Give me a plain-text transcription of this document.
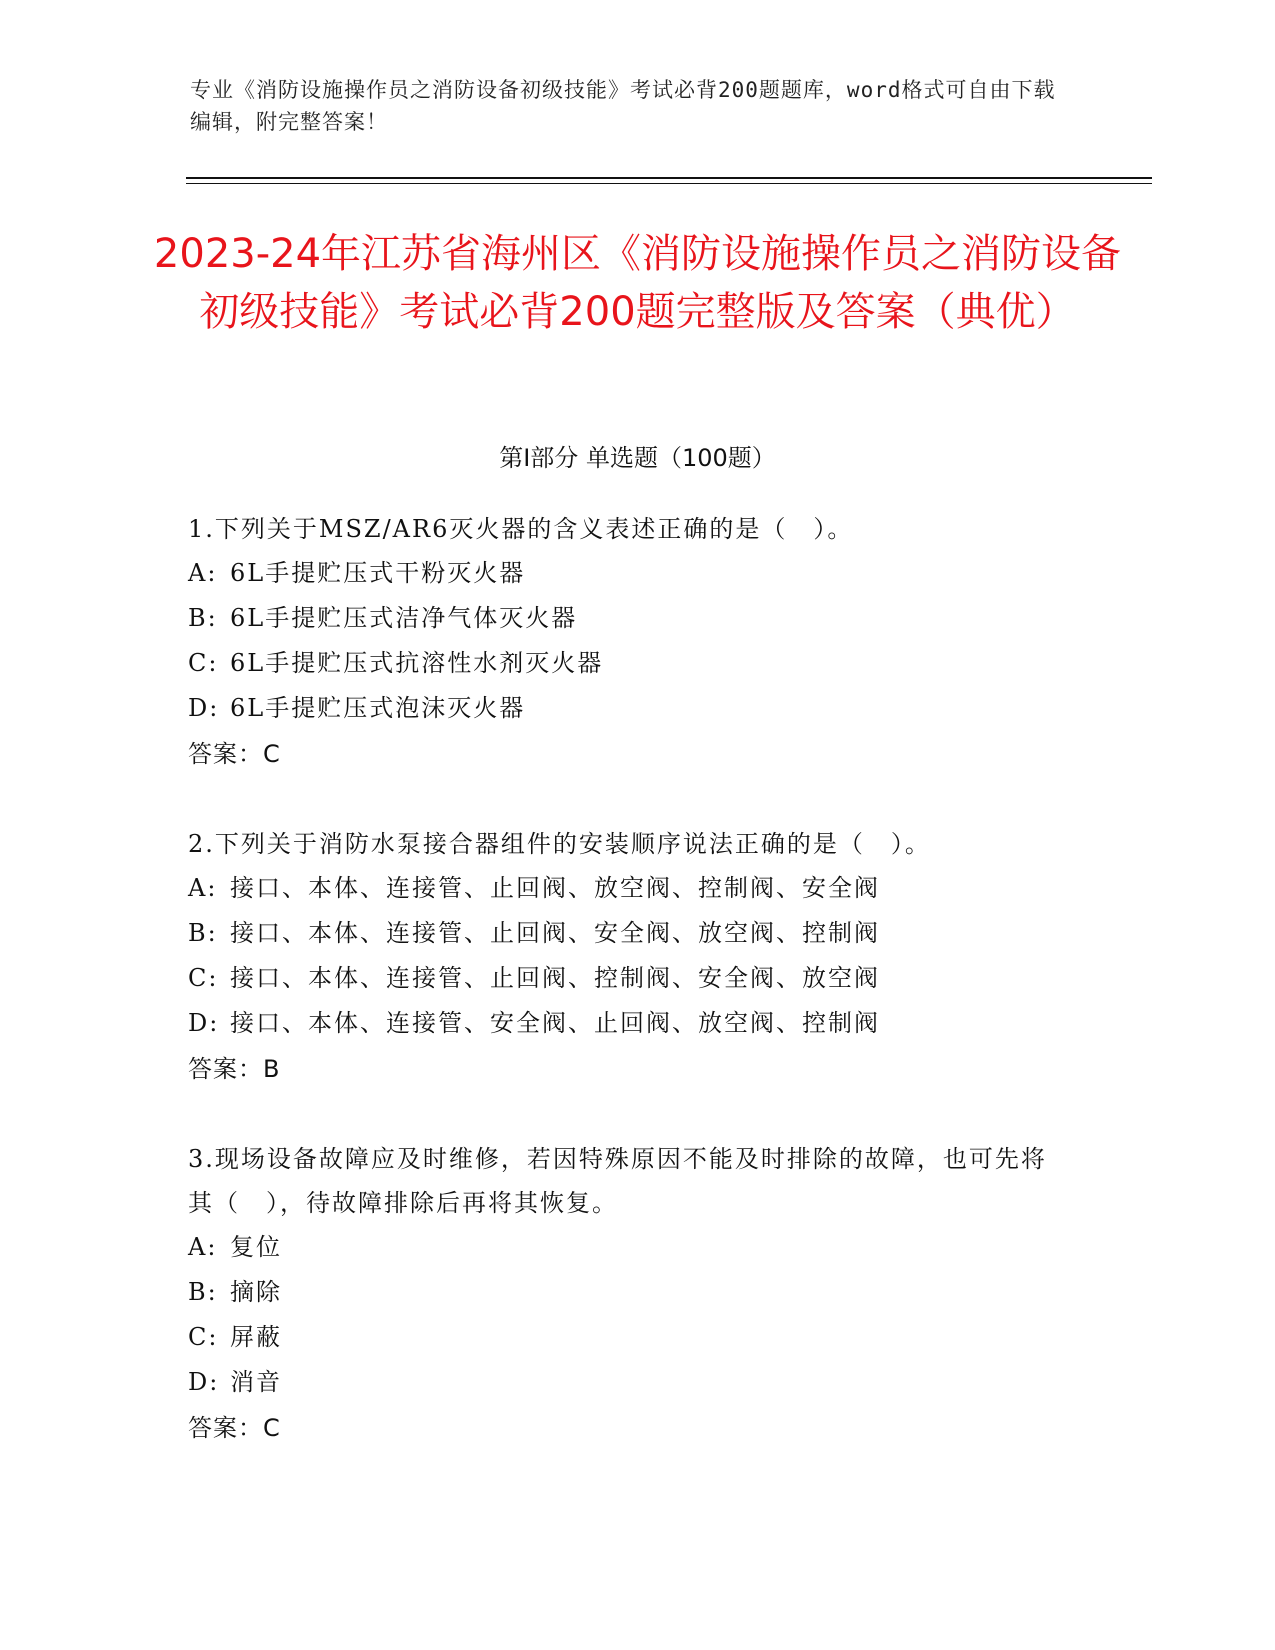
专业《消防设施操作员之消防设备初级技能》考试必背200题题库，word格式可自由下载编辑，附完整答案！
2023-24年江苏省海州区《消防设施操作员之消防设备初级技能》考试必背200题完整版及答案（典优）
第I部分 单选题（100题）
1.下列关于MSZ/AR6灭火器的含义表述正确的是（　）。
A: 6L手提贮压式干粉灭火器
B: 6L手提贮压式洁净气体灭火器
C: 6L手提贮压式抗溶性水剂灭火器
D: 6L手提贮压式泡沫灭火器
答案：C
2.下列关于消防水泵接合器组件的安装顺序说法正确的是（　）。
A: 接口、本体、连接管、止回阀、放空阀、控制阀、安全阀
B: 接口、本体、连接管、止回阀、安全阀、放空阀、控制阀
C: 接口、本体、连接管、止回阀、控制阀、安全阀、放空阀
D: 接口、本体、连接管、安全阀、止回阀、放空阀、控制阀
答案：B
3.现场设备故障应及时维修，若因特殊原因不能及时排除的故障，也可先将其（　），待故障排除后再将其恢复。
A: 复位
B: 摘除
C: 屏蔽
D: 消音
答案：C
